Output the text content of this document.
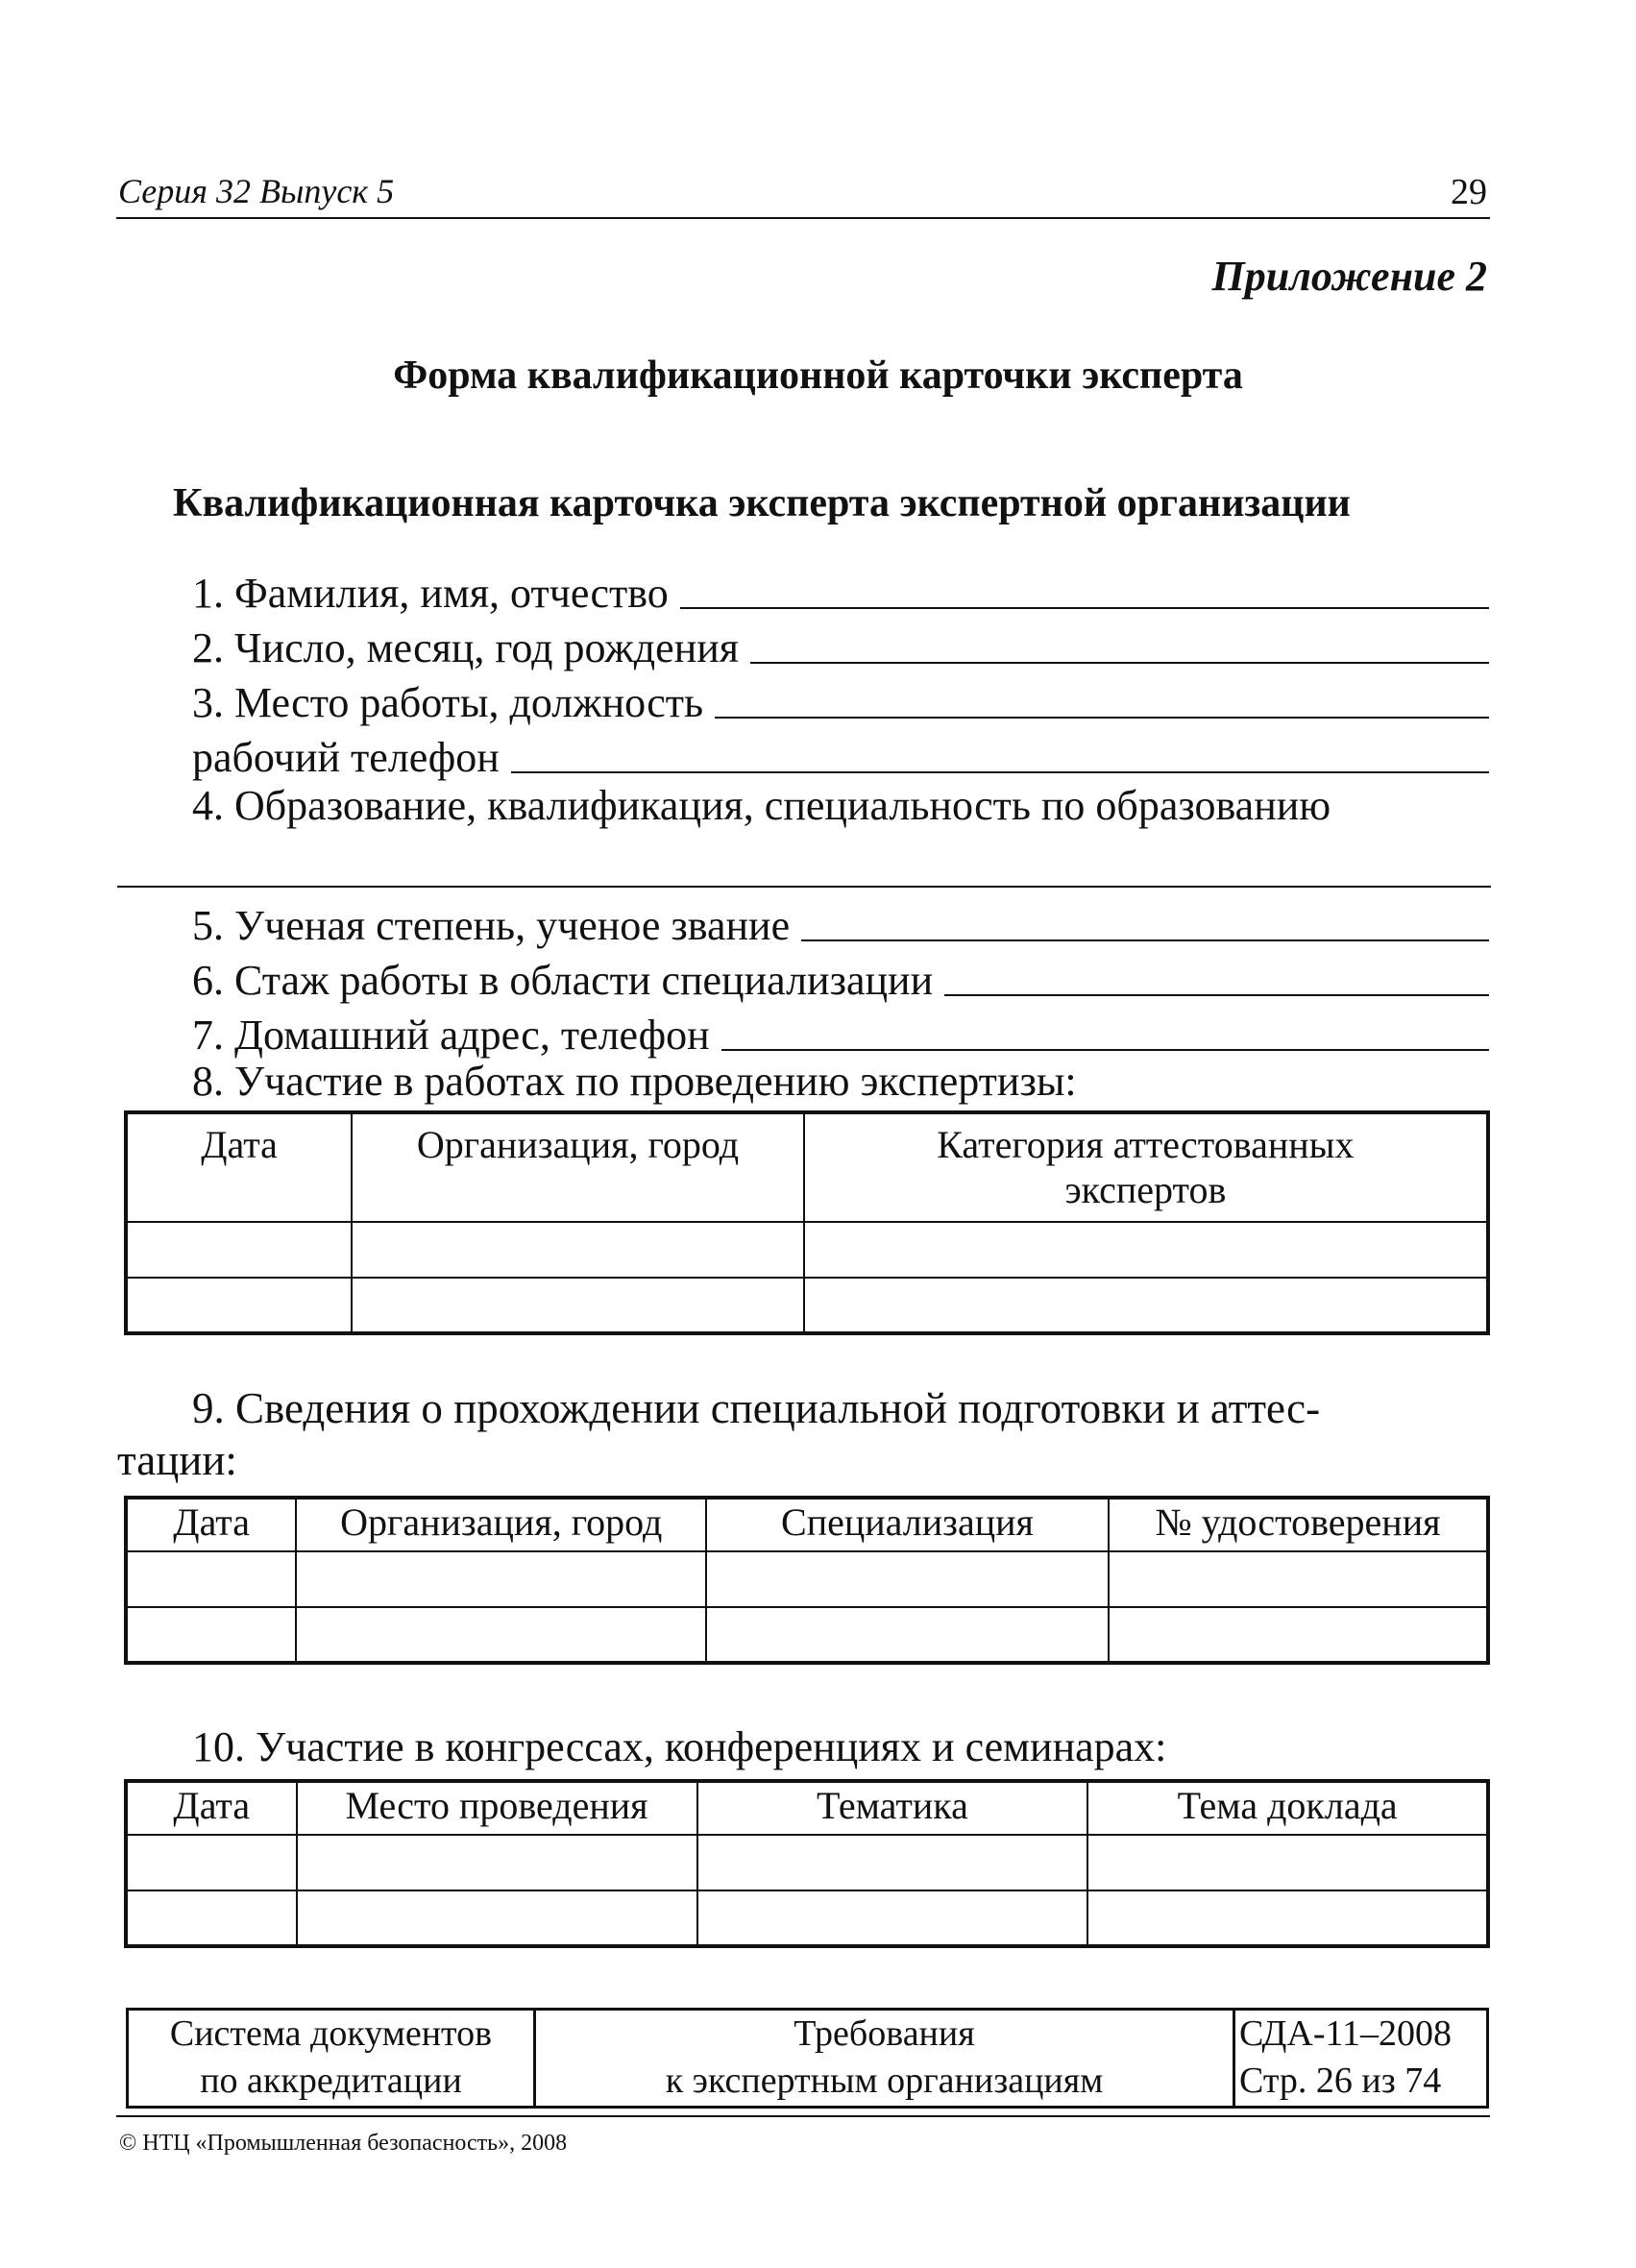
Серия 32 Выпуск 5	29
Приложение 2
Форма квалификационной карточки эксперта
Квалификационная карточка эксперта экспертной организации
1. Фамилия, имя, отчество
2. Число, месяц, год рождения
3. Место работы, должность
рабочий телефон
4. Образование, квалификация, специальность по образованию
5. Ученая степень, ученое звание
6. Стаж работы в области специализации
7. Домашний адрес, телефон
8. Участие в работах по проведению экспертизы:
Дата	Организация, город	Категория аттестованных экспертов

9. Сведения о прохождении специальной подготовки и аттес-
тации:
Дата	Организация, город	Специализация	№ удостоверения

10. Участие в конгрессах, конференциях и семинарах:
Дата	Место проведения	Тематика	Тема доклада

Система документов
по аккредитации

Требования
к экспертным организациям

СДА-11–2008
Стр. 26 из 74
© НТЦ «Промышленная безопасность», 2008
